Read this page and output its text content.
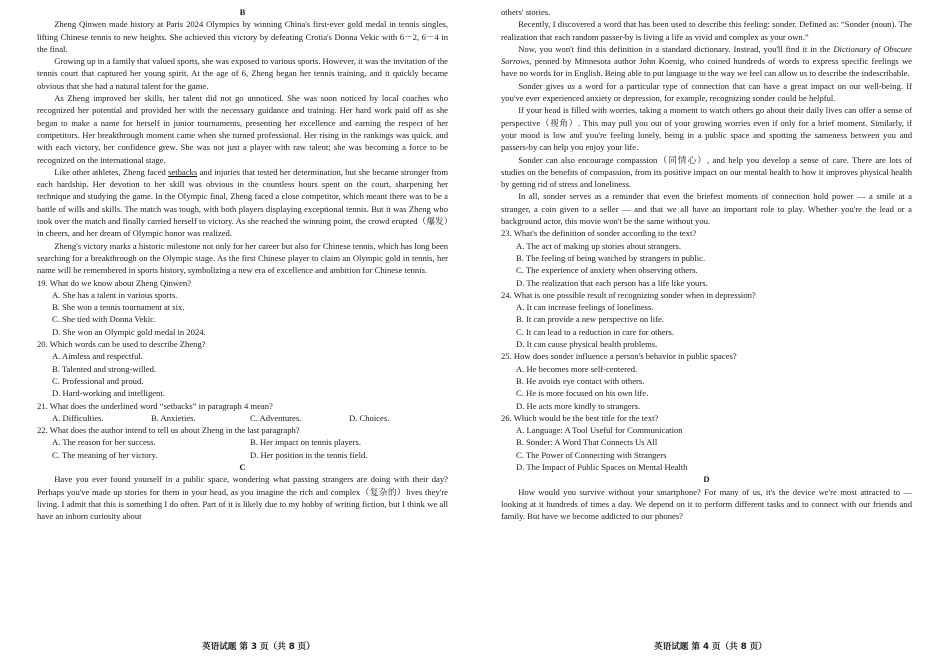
B

Zheng Qinwen made history at Paris 2024 Olympics by winning China's first-ever gold medal in tennis singles, lifting Chinese tennis to new heights. She achieved this victory by defeating Crotia's Donna Vekic with 6－2, 6－4 in the final.

Growing up in a family that valued sports, she was exposed to various sports. However, it was the invitation of the tennis court that captured her young spirit. At the age of 6, Zheng began her tennis training, and it quickly became obvious that she had a natural talent for the game.

As Zheng improved her skills, her talent did not go unnoticed. She was soon noticed by local coaches who recognized her potential and provided her with the necessary guidance and training. Her hard work paid off as she began to make a name for herself in junior tournaments, presenting her excellence and earning the respect of her competitors. Her breakthrough moment came when she turned professional. Her rising in the rankings was quick, and with each victory, her confidence grew. She was not just a player with raw talent; she was becoming a force to be recognized on the international stage.

Like other athletes, Zheng faced setbacks and injuries that tested her determination, but she became stronger from each hardship. Her devotion to her skill was obvious in the countless hours spent on the court, sharpening her technique and studying the game. In the Olympic final, Zheng faced a close competitor, which meant there was to be a battle of wills and skills. The match was tough, with both players displaying exceptional tennis. But it was Zheng who took over the match and finally carried herself to victory. As she reached the winning point, the crowd erupted（爆发）in cheers, and her dream of Olympic honor was realized.

Zheng's victory marks a historic milestone not only for her career but also for Chinese tennis, which has long been searching for a breakthrough on the Olympic stage. As the first Chinese player to claim an Olympic gold in tennis, her name will be remembered in sports history, symbolizing a new era of excellence and ambition for Chinese tennis.

19. What do we know about Zheng Qinwen?

A. She has a talent in various sports.

B. She won a tennis tournament at six.

C. She tied with Donna Vekic.

D. She won an Olympic gold medal in 2024.

20. Which words can be used to describe Zheng?

A. Aimless and respectful.

B. Talented and strong-willed.

C. Professional and proud.

D. Hard-working and intelligent.

21. What does the underlined word “setbacks” in paragraph 4 mean?

A. Difficulties.	B. Anxieties.	C. Adventures.	D. Choices.

22. What does the author intend to tell us about Zheng in the last paragraph?

A. The reason for her success.	B. Her impact on tennis players.
C. The meaning of her victory.	D. Her position in the tennis field.

C

Have you ever found yourself in a public space, wondering what passing strangers are doing with their day? Perhaps you've made up stories for them in your head, as you imagine the rich and complex（复杂的）lives they're living. I admit that this is something I do often. Part of it is likely due to my hobby of writing fiction, but I think we all have an inborn curiosity about

others' stories.

Recently, I discovered a word that has been used to describe this feeling: sonder. Defined as: “Sonder (noun). The realization that each random passer-by is living a life as vivid and complex as your own.”

Now, you won't find this definition in a standard dictionary. Instead, you'll find it in the Dictionary of Obscure Sorrows, penned by Minnesota author John Koenig, who coined hundreds of words to express specific feelings we have no words for in English. Being able to put language to the way we feel can allow us to describe the indescribable.

Sonder gives us a word for a particular type of connection that can have a great impact on our well-being. If you've ever experienced anxiety or depression, for example, recognizing sonder could be helpful.

If your head is filled with worries, taking a moment to watch others go about their daily lives can offer a sense of perspective（视角）. This may pull you out of your growing worries even if only for a brief moment. Similarly, if your mood is low and you're feeling lonely, being in a public space and spotting the sameness between you and passers-by can help you enjoy your life.

Sonder can also encourage compassion（同情心）, and help you develop a sense of care. There are lots of studies on the benefits of compassion, from its positive impact on our mental health to how it improves physical health by getting rid of stress and loneliness.

In all, sonder serves as a reminder that even the briefest moments of connection hold power — a smile at a stranger, a coin given to a seller — and that we all have an important role to play. Whether you're the lead or a background actor, this movie won't be the same without you.

23. What's the definition of sonder according to the text?

A. The act of making up stories about strangers.

B. The feeling of being watched by strangers in public.

C. The experience of anxiety when observing others.

D. The realization that each person has a life like yours.

24. What is one possible result of recognizing sonder when in depression?

A. It can increase feelings of loneliness.

B. It can provide a new perspective on life.

C. It can lead to a reduction in care for others.

D. It can cause physical health problems.

25. How does sonder influence a person's behavior in public spaces?

A. He becomes more self-centered.

B. He avoids eye contact with others.

C. He is more focused on his own life.

D. He acts more kindly to strangers.

26. Which would be the best title for the text?

A. Language: A Tool Useful for Communication

B. Sonder: A Word That Connects Us All

C. The Power of Connecting with Strangers

D. The Impact of Public Spaces on Mental Health

D

How would you survive without your smartphone? For many of us, it's the device we're most attracted to — looking at it hundreds of times a day. We depend on it to perform different tasks and to connect with our friends and family. But have we become addicted to our phones?

英语试题 第 3 页（共 8 页）	英语试题 第 4 页（共 8 页）
